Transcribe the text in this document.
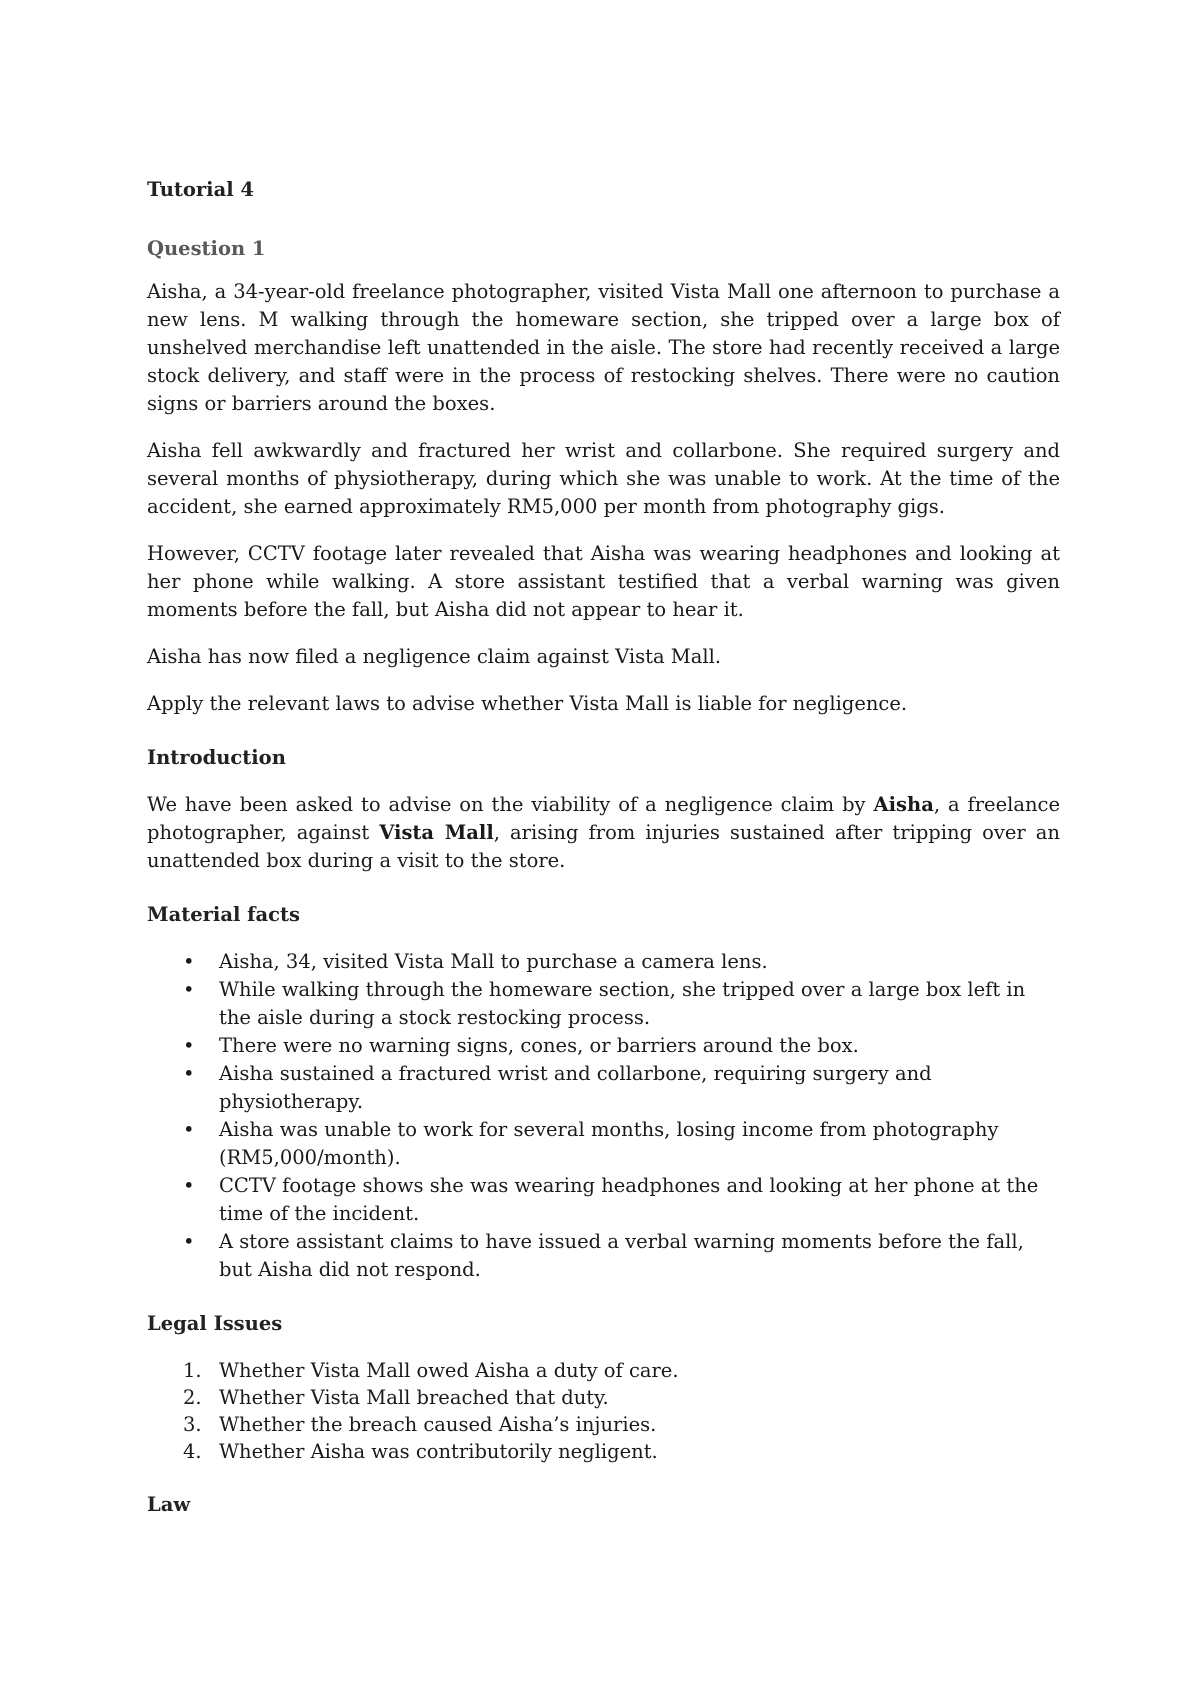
Tutorial 4
Question 1

Aisha, a 34-year-old freelance photographer, visited Vista Mall one afternoon to purchase a new lens. M walking through the homeware section, she tripped over a large box of unshelved merchandise left unattended in the aisle. The store had recently received a large stock delivery, and staff were in the process of restocking shelves. There were no caution signs or barriers around the boxes.

Aisha fell awkwardly and fractured her wrist and collarbone. She required surgery and several months of physiotherapy, during which she was unable to work. At the time of the accident, she earned approximately RM5,000 per month from photography gigs.

However, CCTV footage later revealed that Aisha was wearing headphones and looking at her phone while walking. A store assistant testified that a verbal warning was given moments before the fall, but Aisha did not appear to hear it.

Aisha has now filed a negligence claim against Vista Mall.

Apply the relevant laws to advise whether Vista Mall is liable for negligence.

Introduction

We have been asked to advise on the viability of a negligence claim by Aisha, a freelance photographer, against Vista Mall, arising from injuries sustained after tripping over an unattended box during a visit to the store.

Material facts
• Aisha, 34, visited Vista Mall to purchase a camera lens.
• While walking through the homeware section, she tripped over a large box left in the aisle during a stock restocking process.
• There were no warning signs, cones, or barriers around the box.
• Aisha sustained a fractured wrist and collarbone, requiring surgery and physiotherapy.
• Aisha was unable to work for several months, losing income from photography (RM5,000/month).
• CCTV footage shows she was wearing headphones and looking at her phone at the time of the incident.
• A store assistant claims to have issued a verbal warning moments before the fall, but Aisha did not respond.
Legal Issues
1. Whether Vista Mall owed Aisha a duty of care.
2. Whether Vista Mall breached that duty.
3. Whether the breach caused Aisha’s injuries.
4. Whether Aisha was contributorily negligent.
Law
